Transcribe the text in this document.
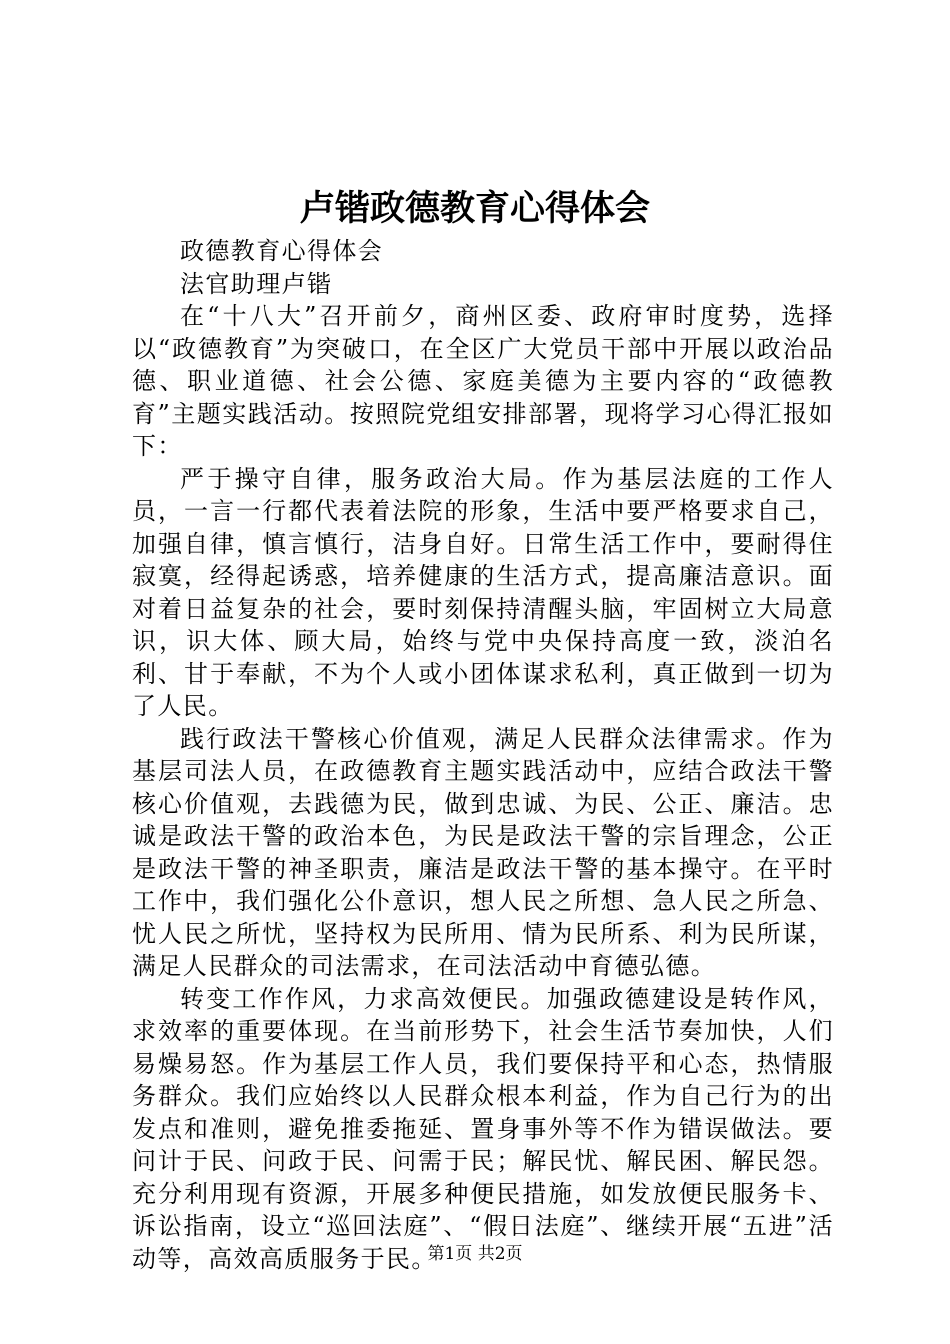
卢锴政德教育心得体会

政德教育心得体会

法官助理卢锴

在“十八大”召开前夕，商州区委、政府审时度势，选择以“政德教育”为突破口，在全区广大党员干部中开展以政治品德、职业道德、社会公德、家庭美德为主要内容的“政德教育”主题实践活动。按照院党组安排部署，现将学习心得汇报如下：

严于操守自律，服务政治大局。作为基层法庭的工作人员，一言一行都代表着法院的形象，生活中要严格要求自己，加强自律，慎言慎行，洁身自好。日常生活工作中，要耐得住寂寞，经得起诱惑，培养健康的生活方式，提高廉洁意识。面对着日益复杂的社会，要时刻保持清醒头脑，牢固树立大局意识，识大体、顾大局，始终与党中央保持高度一致，淡泊名利、甘于奉献，不为个人或小团体谋求私利，真正做到一切为了人民。

践行政法干警核心价值观，满足人民群众法律需求。作为基层司法人员，在政德教育主题实践活动中，应结合政法干警核心价值观，去践德为民，做到忠诚、为民、公正、廉洁。忠诚是政法干警的政治本色，为民是政法干警的宗旨理念，公正是政法干警的神圣职责，廉洁是政法干警的基本操守。在平时工作中，我们强化公仆意识，想人民之所想、急人民之所急、忧人民之所忧，坚持权为民所用、情为民所系、利为民所谋，满足人民群众的司法需求，在司法活动中育德弘德。

转变工作作风，力求高效便民。加强政德建设是转作风，求效率的重要体现。在当前形势下，社会生活节奏加快，人们易燥易怒。作为基层工作人员，我们要保持平和心态，热情服务群众。我们应始终以人民群众根本利益，作为自己行为的出发点和准则，避免推委拖延、置身事外等不作为错误做法。要问计于民、问政于民、问需于民；解民忧、解民困、解民怨。充分利用现有资源，开展多种便民措施，如发放便民服务卡、诉讼指南，设立“巡回法庭”、“假日法庭”、继续开展“五进”活动等，高效高质服务于民。

第1页 共2页
